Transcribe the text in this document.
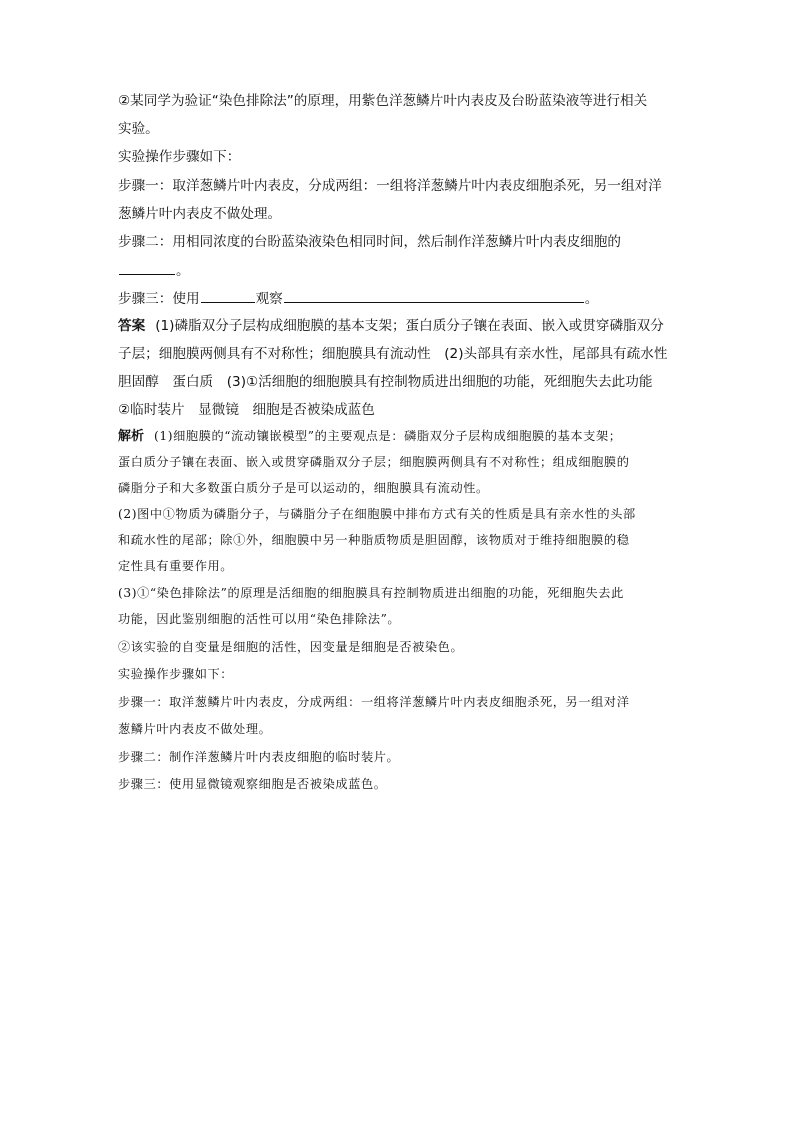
②某同学为验证“染色排除法”的原理，用紫色洋葱鳞片叶内表皮及台盼蓝染液等进行相关
实验。
实验操作步骤如下：
步骤一：取洋葱鳞片叶内表皮，分成两组：一组将洋葱鳞片叶内表皮细胞杀死，另一组对洋
葱鳞片叶内表皮不做处理。
步骤二：用相同浓度的台盼蓝染液染色相同时间，然后制作洋葱鳞片叶内表皮细胞的
。
步骤三：使用	观察	。
答案 (1)磷脂双分子层构成细胞膜的基本支架；蛋白质分子镶在表面、嵌入或贯穿磷脂双分
子层；细胞膜两侧具有不对称性；细胞膜具有流动性　(2)头部具有亲水性，尾部具有疏水性
胆固醇　蛋白质　(3)①活细胞的细胞膜具有控制物质进出细胞的功能，死细胞失去此功能
②临时装片　显微镜　细胞是否被染成蓝色
解析 (1)细胞膜的“流动镶嵌模型”的主要观点是：磷脂双分子层构成细胞膜的基本支架；
蛋白质分子镶在表面、嵌入或贯穿磷脂双分子层；细胞膜两侧具有不对称性；组成细胞膜的
磷脂分子和大多数蛋白质分子是可以运动的，细胞膜具有流动性。
(2)图中①物质为磷脂分子，与磷脂分子在细胞膜中排布方式有关的性质是具有亲水性的头部
和疏水性的尾部；除①外，细胞膜中另一种脂质物质是胆固醇，该物质对于维持细胞膜的稳
定性具有重要作用。
(3)①“染色排除法”的原理是活细胞的细胞膜具有控制物质进出细胞的功能，死细胞失去此
功能，因此鉴别细胞的活性可以用“染色排除法”。
②该实验的自变量是细胞的活性，因变量是细胞是否被染色。
实验操作步骤如下：
步骤一：取洋葱鳞片叶内表皮，分成两组：一组将洋葱鳞片叶内表皮细胞杀死，另一组对洋
葱鳞片叶内表皮不做处理。
步骤二：制作洋葱鳞片叶内表皮细胞的临时装片。
步骤三：使用显微镜观察细胞是否被染成蓝色。
